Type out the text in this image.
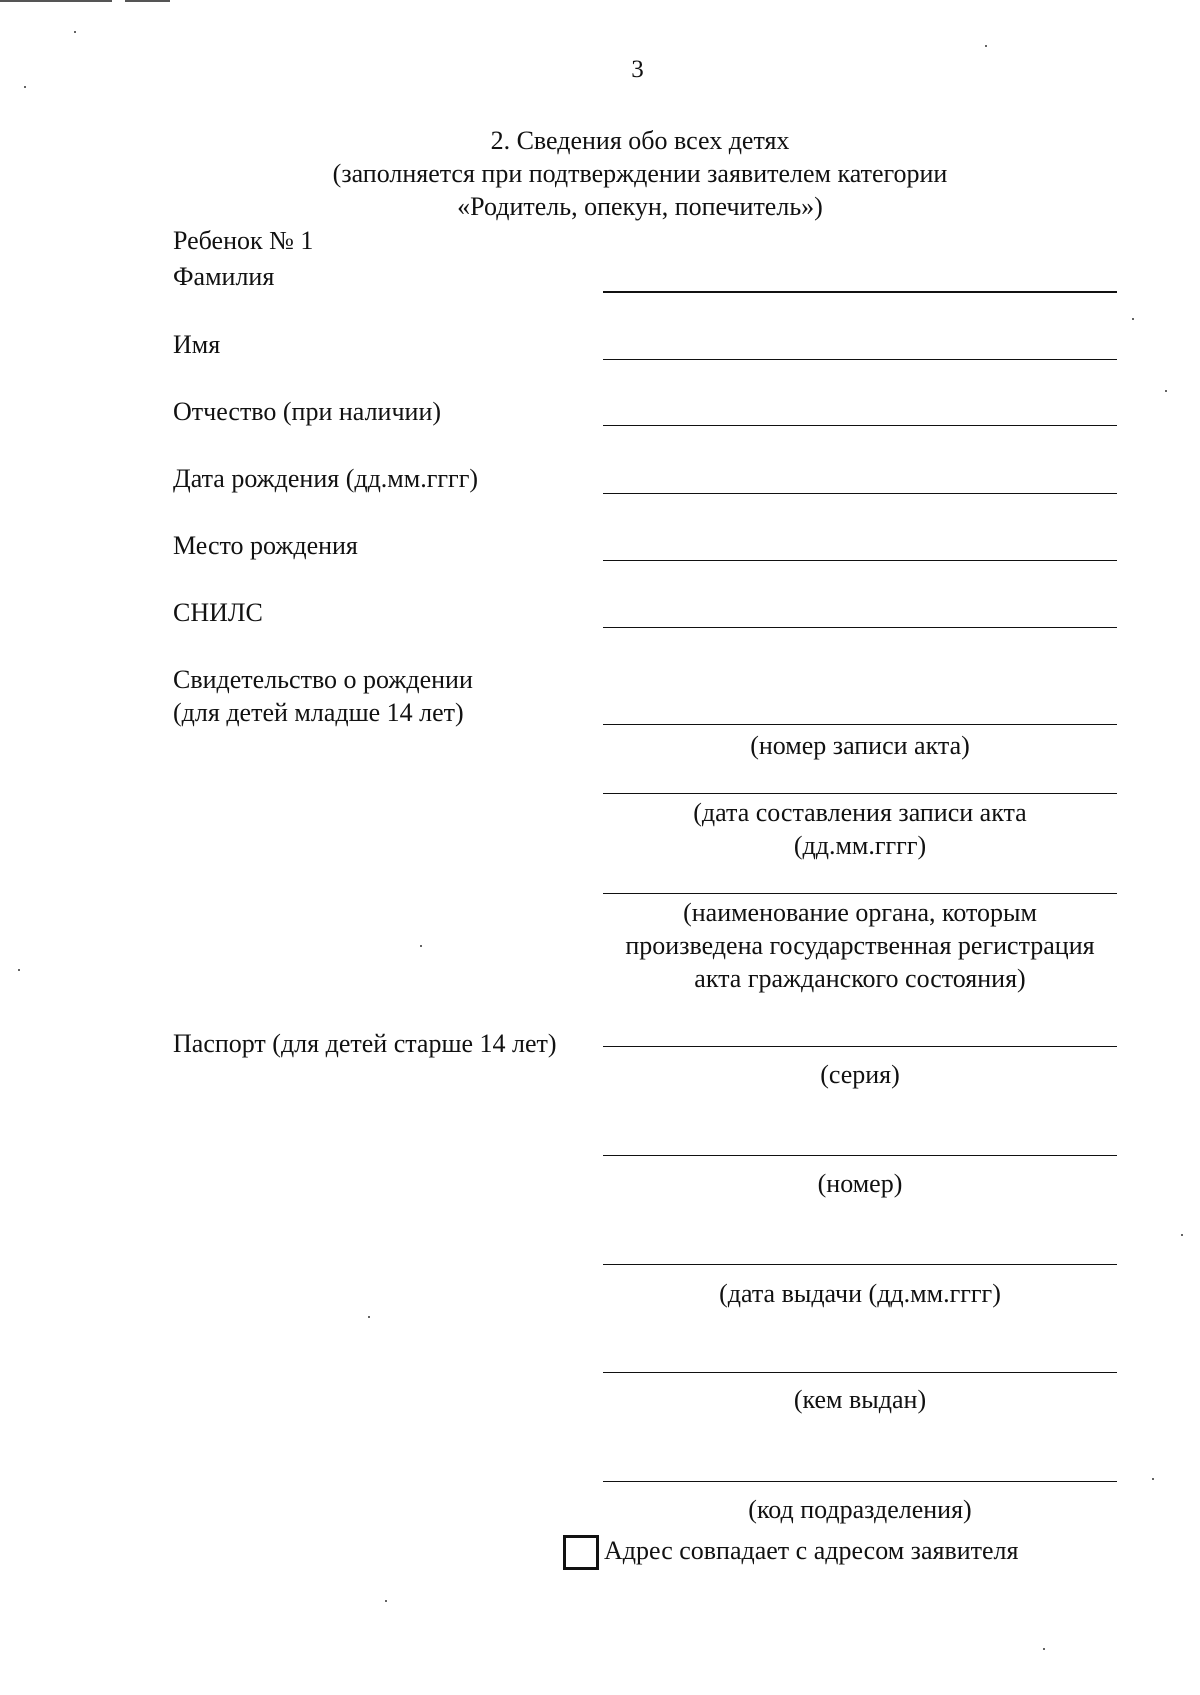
3
2. Сведения обо всех детях
(заполняется при подтверждении заявителем категории
«Родитель, опекун, попечитель»)
Ребенок № 1
Фамилия
Имя
Отчество (при наличии)
Дата рождения (дд.мм.гггг)
Место рождения
СНИЛС
Свидетельство о рождении
(для детей младше 14 лет)
Паспорт (для детей старше 14 лет)
(номер записи акта)
(дата составления записи акта
(дд.мм.гггг)
(наименование органа, которым
произведена государственная регистрация
акта гражданского состояния)
(серия)
(номер)
(дата выдачи (дд.мм.гггг)
(кем выдан)
(код подразделения)
Адрес совпадает с адресом заявителя
